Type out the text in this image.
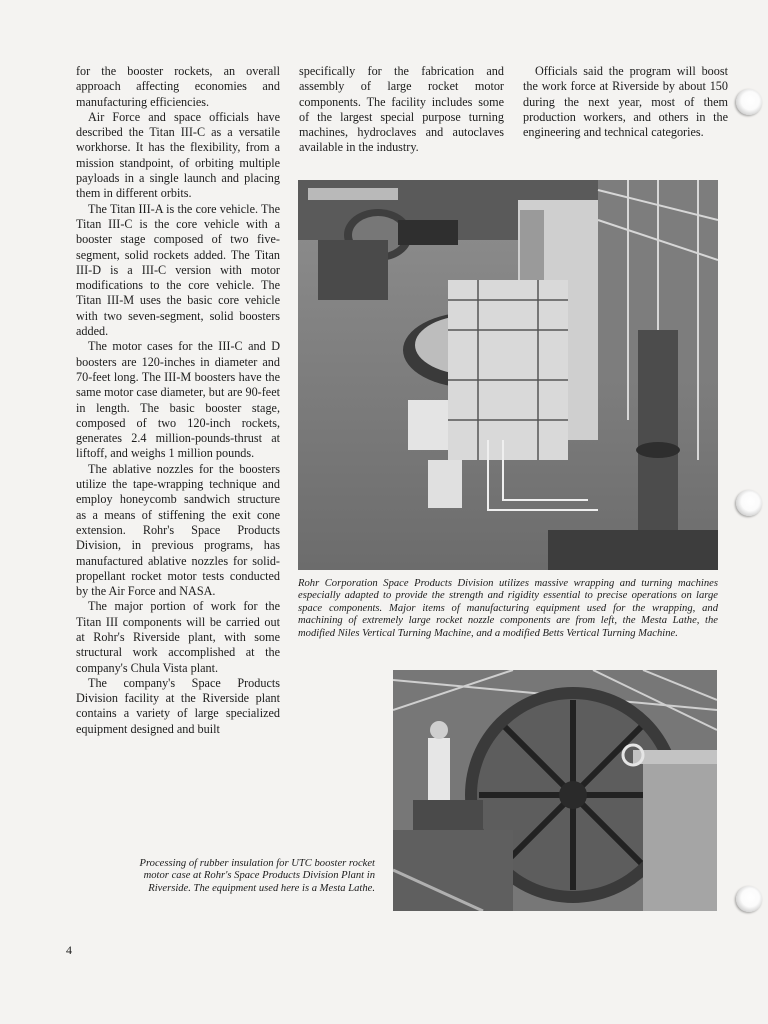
for the booster rockets, an overall approach affecting economies and manufacturing efficiencies.

Air Force and space officials have described the Titan III-C as a versatile workhorse. It has the flexibility, from a mission standpoint, of orbiting multiple payloads in a single launch and placing them in different orbits.

The Titan III-A is the core vehicle. The Titan III-C is the core vehicle with a booster stage composed of two five-segment, solid rockets added. The Titan III-D is a III-C version with motor modifications to the core vehicle. The Titan III-M uses the basic core vehicle with two seven-segment, solid boosters added.

The motor cases for the III-C and D boosters are 120-inches in diameter and 70-feet long. The III-M boosters have the same motor case diameter, but are 90-feet in length. The basic booster stage, composed of two 120-inch rockets, generates 2.4 million-pounds-thrust at liftoff, and weighs 1 million pounds.

The ablative nozzles for the boosters utilize the tape-wrapping technique and employ honeycomb sandwich structure as a means of stiffening the exit cone extension. Rohr's Space Products Division, in previous programs, has manufactured ablative nozzles for solid-propellant rocket motor tests conducted by the Air Force and NASA.

The major portion of work for the Titan III components will be carried out at Rohr's Riverside plant, with some structural work accomplished at the company's Chula Vista plant.

The company's Space Products Division facility at the Riverside plant contains a variety of large specialized equipment designed and built

specifically for the fabrication and assembly of large rocket motor components. The facility includes some of the largest special purpose turning machines, hydroclaves and autoclaves available in the industry.

Officials said the program will boost the work force at Riverside by about 150 during the next year, most of them production workers, and others in the engineering and technical categories.

Rohr Corporation Space Products Division utilizes massive wrapping and turning machines especially adapted to provide the strength and rigidity essential to precise operations on large space components. Major items of manufacturing equipment used for the wrapping, and machining of extremely large rocket nozzle components are from left, the Mesta Lathe, the modified Niles Vertical Turning Machine, and a modified Betts Vertical Turning Machine.
Processing of rubber insulation for UTC booster rocket motor case at Rohr's Space Products Division Plant in Riverside. The equipment used here is a Mesta Lathe.
4
